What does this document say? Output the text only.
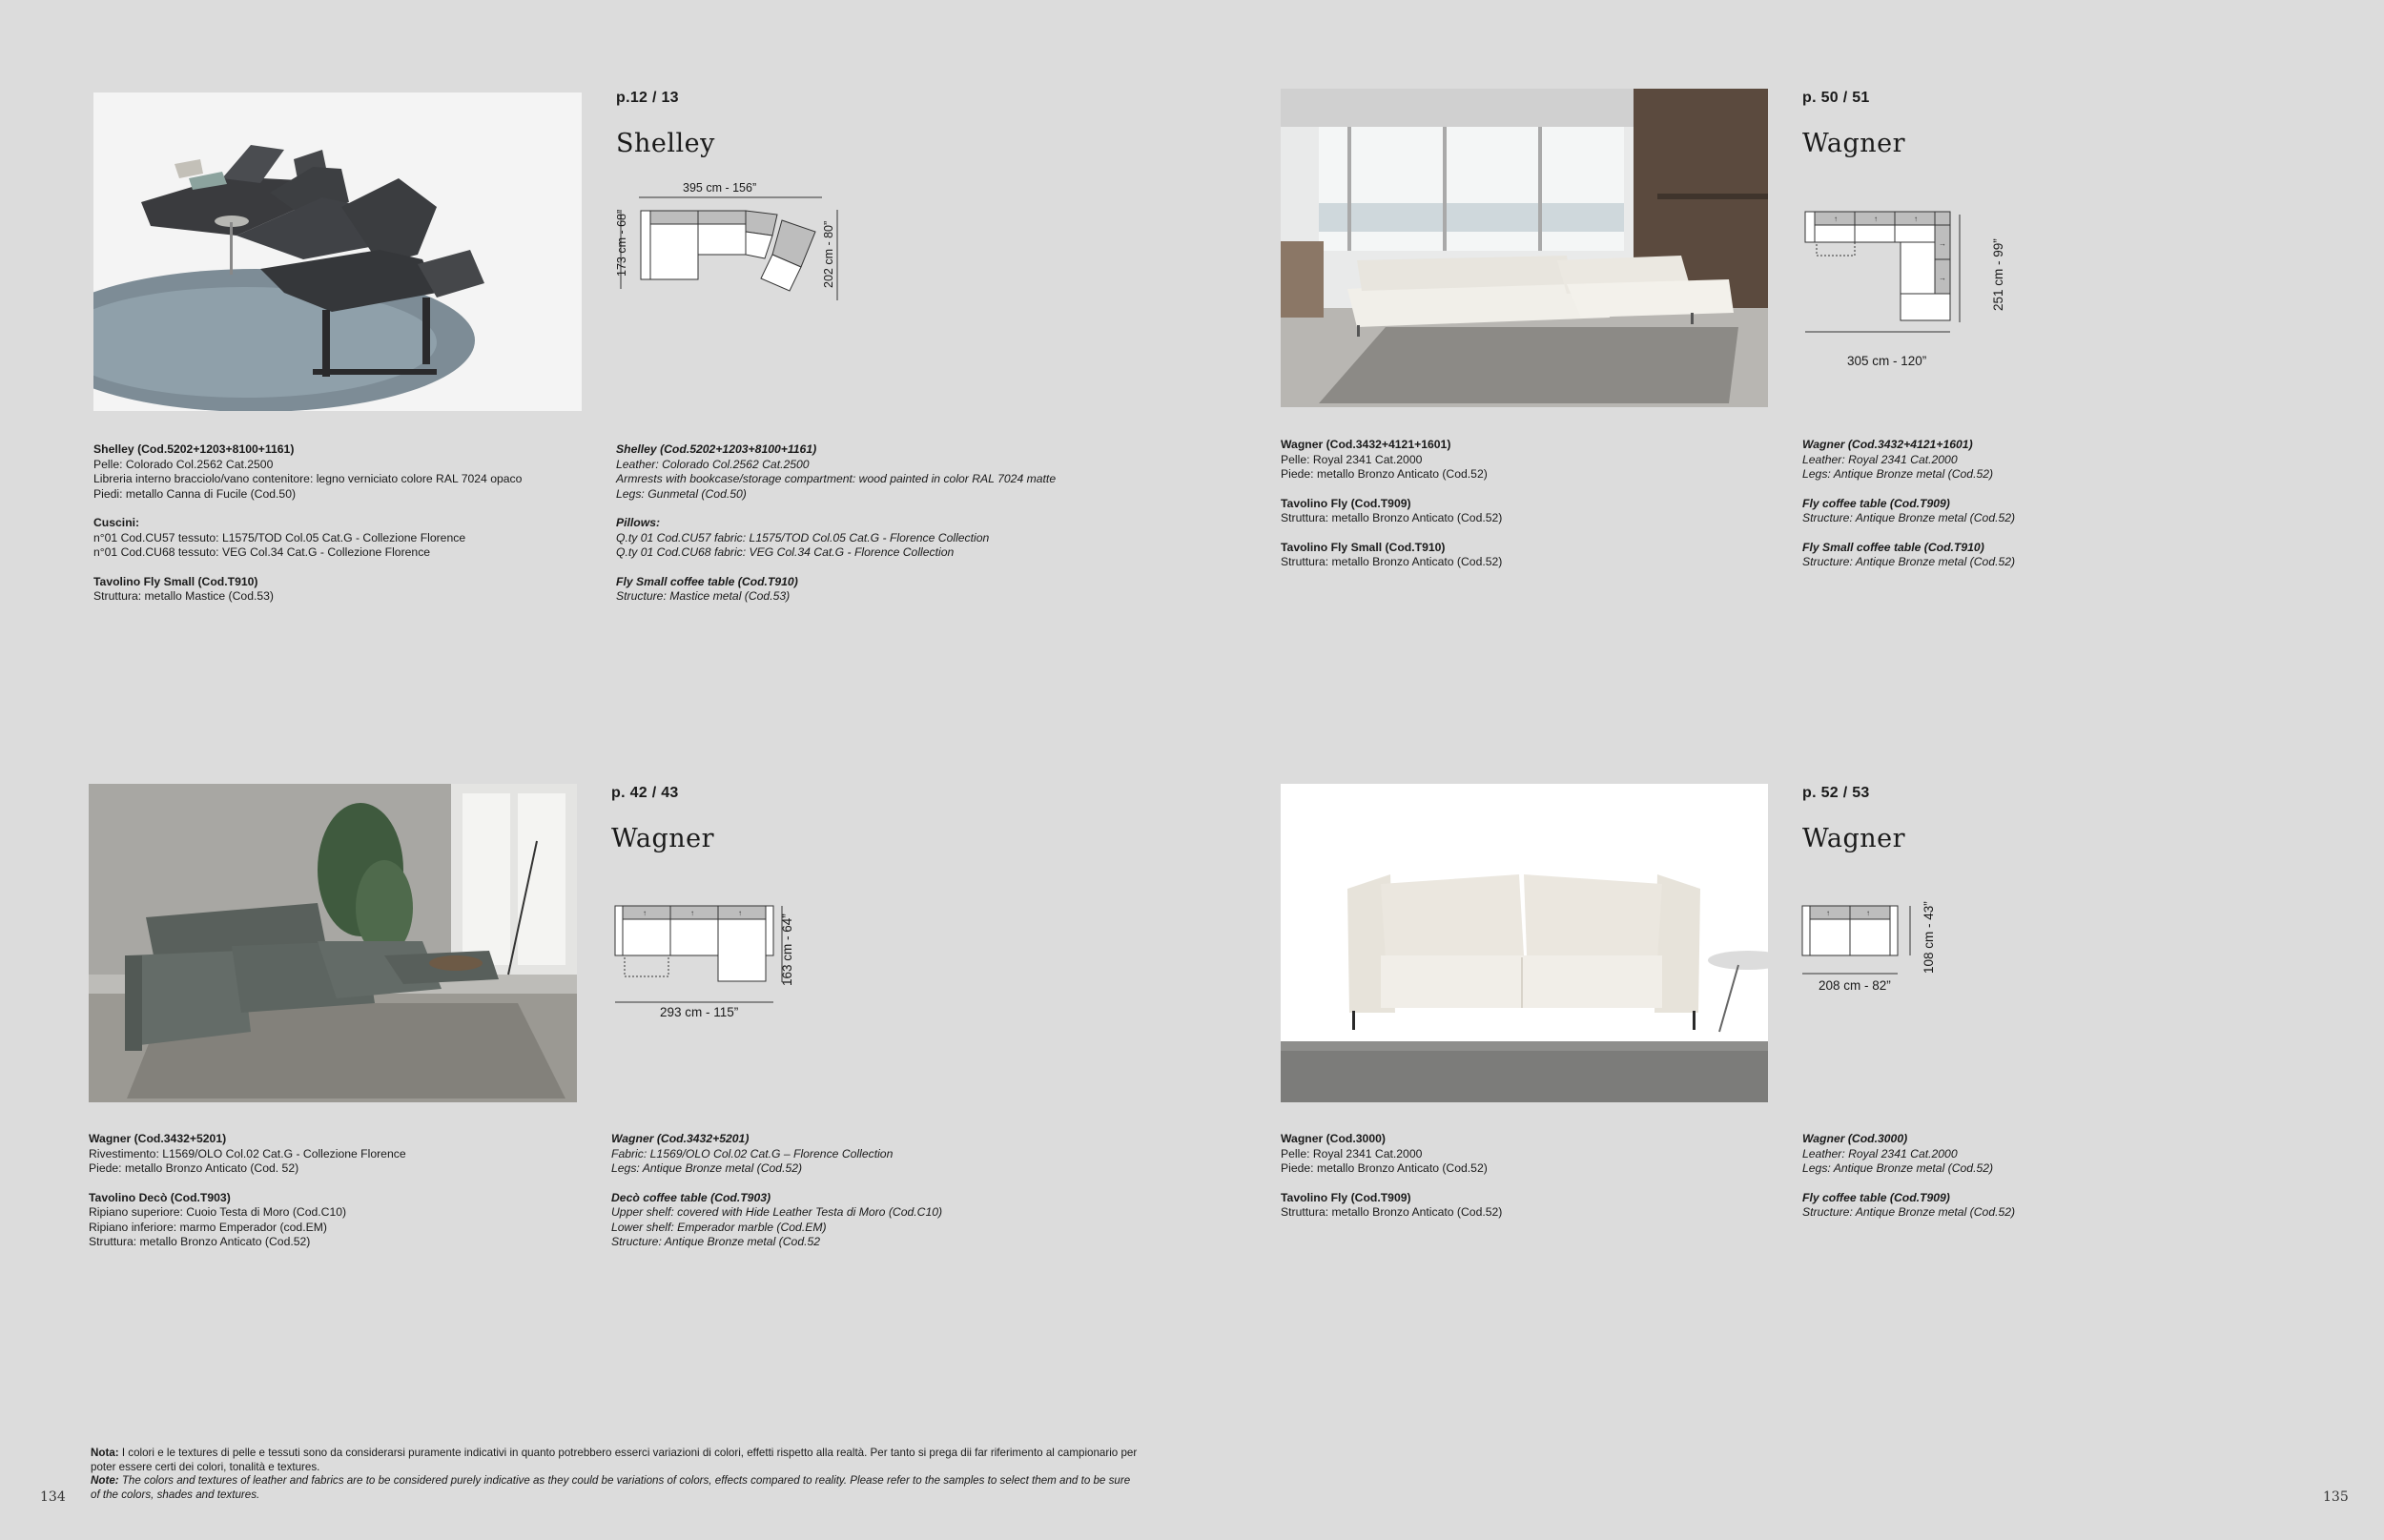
p.12 / 13
Shelley
395 cm - 156”
173 cm - 68”	202 cm - 80”
Shelley (Cod.5202+1203+8100+1161)
Pelle: Colorado Col.2562 Cat.2500
Libreria interno bracciolo/vano contenitore: legno verniciato colore RAL 7024 opaco
Piedi: metallo Canna di Fucile (Cod.50)
Cuscini:
n°01 Cod.CU57 tessuto: L1575/TOD Col.05 Cat.G - Collezione Florence
n°01 Cod.CU68 tessuto: VEG Col.34 Cat.G - Collezione Florence
Tavolino Fly Small (Cod.T910)
Struttura: metallo Mastice (Cod.53)
Shelley (Cod.5202+1203+8100+1161)
Leather: Colorado Col.2562 Cat.2500
Armrests with bookcase/storage compartment: wood painted in color RAL 7024 matte
Legs: Gunmetal (Cod.50)
Pillows:
Q.ty 01 Cod.CU57 fabric: L1575/TOD Col.05 Cat.G - Florence Collection
Q.ty 01 Cod.CU68 fabric: VEG Col.34 Cat.G - Florence Collection
Fly Small coffee table (Cod.T910)
Structure: Mastice metal (Cod.53)
p. 50 / 51
Wagner
↑	↑	↑
→
→
305 cm - 120”
251 cm - 99”
Wagner (Cod.3432+4121+1601)
Pelle: Royal 2341 Cat.2000
Piede: metallo Bronzo Anticato (Cod.52)
Tavolino Fly (Cod.T909)
Struttura: metallo Bronzo Anticato (Cod.52)
Tavolino Fly Small (Cod.T910)
Struttura: metallo Bronzo Anticato (Cod.52)
Wagner (Cod.3432+4121+1601)
Leather: Royal 2341 Cat.2000
Legs: Antique Bronze metal (Cod.52)
Fly coffee table (Cod.T909)
Structure: Antique Bronze metal (Cod.52)
Fly Small coffee table (Cod.T910)
Structure: Antique Bronze metal (Cod.52)
p. 42 / 43
Wagner
↑	↑	↑
293 cm - 115”
163 cm - 64”
Wagner (Cod.3432+5201)
Rivestimento: L1569/OLO Col.02 Cat.G - Collezione Florence
Piede: metallo Bronzo Anticato (Cod. 52)
Tavolino Decò (Cod.T903)
Ripiano superiore: Cuoio Testa di Moro (Cod.C10)
Ripiano inferiore: marmo Emperador (cod.EM)
Struttura: metallo Bronzo Anticato (Cod.52)
Wagner (Cod.3432+5201)
Fabric: L1569/OLO Col.02 Cat.G – Florence Collection
Legs: Antique Bronze metal (Cod.52)
Decò coffee table (Cod.T903)
Upper shelf: covered with Hide Leather Testa di Moro (Cod.C10)
Lower shelf: Emperador marble (Cod.EM)
Structure: Antique Bronze metal (Cod.52
p. 52 / 53
Wagner
↑	↑
208 cm - 82”
108 cm - 43”
Wagner (Cod.3000)
Pelle: Royal 2341 Cat.2000
Piede: metallo Bronzo Anticato (Cod.52)
Tavolino Fly (Cod.T909)
Struttura: metallo Bronzo Anticato (Cod.52)
Wagner (Cod.3000)
Leather: Royal 2341 Cat.2000
Legs: Antique Bronze metal (Cod.52)
Fly coffee table (Cod.T909)
Structure: Antique Bronze metal (Cod.52)
Nota: I colori e le textures di pelle e tessuti sono da considerarsi puramente indicativi in quanto potrebbero esserci variazioni di colori, effetti rispetto alla realtà. Per tanto si prega dii far riferimento al campionario per poter essere certi dei colori, tonalità e textures.
Note: The colors and textures of leather and fabrics are to be considered purely indicative as they could be variations of colors, effects compared to reality. Please refer to the samples to select them and to be sure of the colors, shades and textures.
134	135
